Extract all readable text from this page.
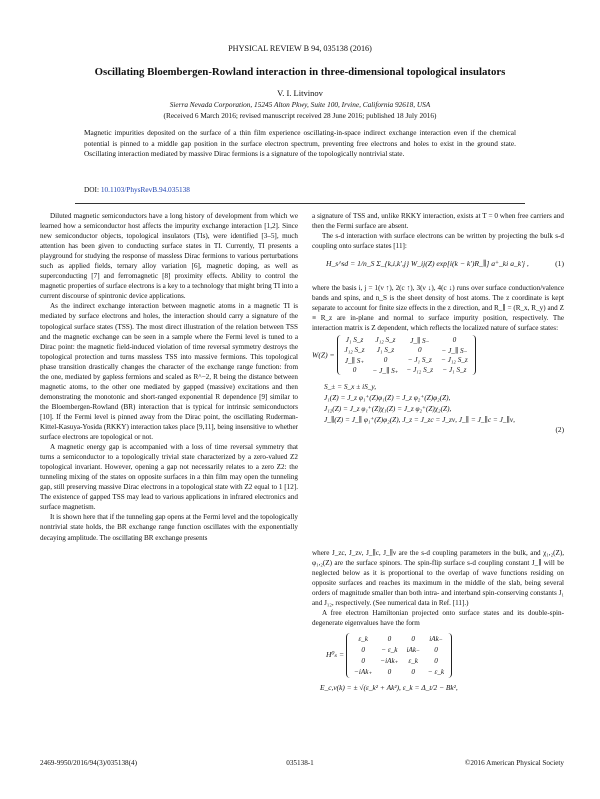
PHYSICAL REVIEW B 94, 035138 (2016)
Oscillating Bloembergen-Rowland interaction in three-dimensional topological insulators
V. I. Litvinov
Sierra Nevada Corporation, 15245 Alton Pkwy, Suite 100, Irvine, California 92618, USA
(Received 6 March 2016; revised manuscript received 28 June 2016; published 18 July 2016)
Magnetic impurities deposited on the surface of a thin film experience oscillating-in-space indirect exchange interaction even if the chemical potential is pinned to a middle gap position in the surface electron spectrum, preventing free electrons and holes to exist in the ground state. Oscillating interaction mediated by massive Dirac fermions is a signature of the topologically nontrivial state.
DOI: 10.1103/PhysRevB.94.035138

Diluted magnetic semiconductors have a long history of development from which we learned how a semiconductor host affects the impurity exchange interaction [1,2]. Since new semiconductor objects, topological insulators (TIs), were identified [3–5], much attention has been given to conducting surface states in TI. Currently, TI presents a playground for studying the response of massless Dirac fermions to various perturbations such as applied fields, ternary alloy variation [6], magnetic doping, as well as superconducting [7] and ferromagnetic [8] proximity effects. Ability to control the magnetic properties of surface electrons is a key to a technology that might bring TI into a current discourse of spintronic device applications.

As the indirect exchange interaction between magnetic atoms in a magnetic TI is mediated by surface electrons and holes, the interaction should carry a signature of the topological surface states (TSS). The most direct illustration of the relation between TSS and the magnetic exchange can be seen in a sample where the Fermi level is tuned to a Dirac point: the magnetic field-induced violation of time reversal symmetry destroys the topological protection and turns massless TSS into massive fermions. This topological phase transition drastically changes the character of the exchange range function: from the one, mediated by gapless fermions and scaled as R^−2, R being the distance between magnetic atoms, to the other one mediated by gapped (massive) excitations and then demonstrating the monotonic and short-ranged exponential R dependence [9] similar to the Bloembergen-Rowland (BR) interaction that is typical for intrinsic semiconductors [10]. If the Fermi level is pinned away from the Dirac point, the oscillating Ruderman-Kittel-Kasuya-Yosida (RKKY) interaction takes place [9,11], being insensitive to whether surface electrons are topological or not.

A magnetic energy gap is accompanied with a loss of time reversal symmetry that turns a semiconductor to a topologically trivial state characterized by a zero-valued Z2 topological invariant. However, opening a gap not necessarily relates to a zero Z2: the tunneling mixing of the states on opposite surfaces in a thin film may open the tunneling gap, still preserving massive Dirac electrons in a topological state with Z2 equal to 1 [12]. The existence of gapped TSS may lead to various applications in infrared electronics and surface magnetism.

It is shown here that if the tunneling gap opens at the Fermi level and the topologically nontrivial state holds, the BR exchange range function oscillates with the exponentially decaying amplitude. The oscillating BR exchange presents

a signature of TSS and, unlike RKKY interaction, exists at T = 0 when free carriers and then the Fermi surface are absent.

The s-d interaction with surface electrons can be written by projecting the bulk s-d coupling onto surface states [11]:

H_s^sd = 1/n_S Σ_{k,i,k′,j} W_ij(Z) exp[i(k − k′)R_∥] a⁺_ki a_k′j ,	(1)

where the basis i, j = 1(ν ↑), 2(c ↑), 3(ν ↓), 4(c ↓) runs over surface conduction/valence bands and spins, and n_S is the sheet density of host atoms. The z coordinate is kept separate to account for finite size effects in the z direction, and R_∥ = (R_x, R_y) and Z ≡ R_z are in-plane and normal to surface impurity position, respectively. The interaction matrix is Z dependent, which reflects the localized nature of surface states:

W(Z) =
J₁ S_z	J₁₂ S_z	J_∥ S₋	0
J₁₂ S_z	J₁ S_z	0	− J_∥ S₋
J_∥ S₊	0	− J₁ S_z	− J₁₂ S_z
0	− J_∥ S₊	− J₁₂ S_z	− J₁ S_z
S_± = S_x ± iS_y,
J₁(Z) = J_z φ₁⁺(Z)φ₁(Z) = J_z φ₂⁺(Z)φ₂(Z),
J₁₂(Z) = J_z φ₁⁺(Z)χ₁(Z) = J_z φ₂⁺(Z)χ₂(Z),
J_∥(Z) = J_∥ φ₁⁺(Z)φ₂(Z), J_z = J_zc = J_zν, J_∥ = J_∥c = J_∥ν,
(2)

where J_zc, J_zν, J_∥c, J_∥ν are the s-d coupling parameters in the bulk, and χ₁,₂(Z), φ₁,₂(Z) are the surface spinors. The spin-flip surface s-d coupling constant J_∥ will be neglected below as it is proportional to the overlap of wave functions residing on opposite surfaces and reaches its maximum in the middle of the slab, being several orders of magnitude smaller than both intra- and interband spin-conserving constants J₁ and J₁₂, respectively. (See numerical data in Ref. [11].)

A free electron Hamiltonian projected onto surface states and its double-spin-degenerate eigenvalues have the form

H⁰ₛ =
ε_k	0	0	iAk₋
0	− ε_k	iAk₋	0
0	−iAk₊	ε_k	0
−iAk₊	0	0	− ε_k
E_c,ν(k) = ± √(ε_k² + Ak²), ε_k = Δ_t/2 − Bk²,
2469-9950/2016/94(3)/035138(4)	035138-1	©2016 American Physical Society
